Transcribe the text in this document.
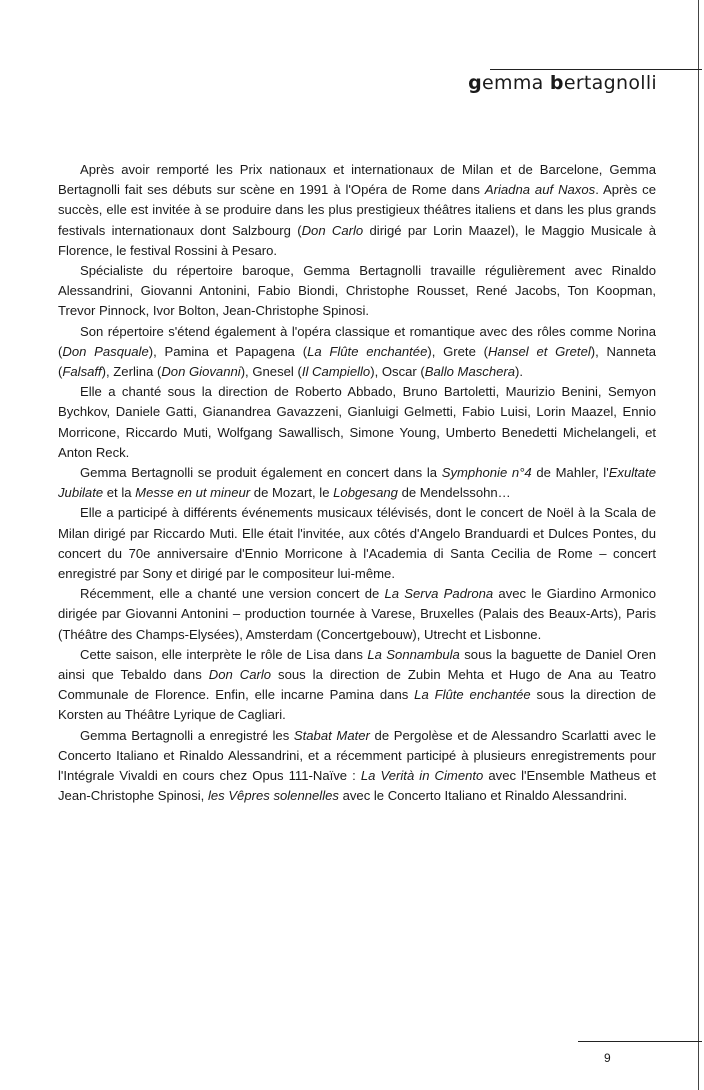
gemma bertagnolli

Après avoir remporté les Prix nationaux et internationaux de Milan et de Barcelone, Gemma Bertagnolli fait ses débuts sur scène en 1991 à l'Opéra de Rome dans Ariadna auf Naxos. Après ce succès, elle est invitée à se produire dans les plus prestigieux théâtres italiens et dans les plus grands festivals internationaux dont Salzbourg (Don Carlo dirigé par Lorin Maazel), le Maggio Musicale à Florence, le festival Rossini à Pesaro.

Spécialiste du répertoire baroque, Gemma Bertagnolli travaille régulièrement avec Rinaldo Alessandrini, Giovanni Antonini, Fabio Biondi, Christophe Rousset, René Jacobs, Ton Koopman, Trevor Pinnock, Ivor Bolton, Jean-Christophe Spinosi.

Son répertoire s'étend également à l'opéra classique et romantique avec des rôles comme Norina (Don Pasquale), Pamina et Papagena (La Flûte enchantée), Grete (Hansel et Gretel), Nanneta (Falsaff), Zerlina (Don Giovanni), Gnesel (Il Campiello), Oscar (Ballo Maschera).

Elle a chanté sous la direction de Roberto Abbado, Bruno Bartoletti, Maurizio Benini, Semyon Bychkov, Daniele Gatti, Gianandrea Gavazzeni, Gianluigi Gelmetti, Fabio Luisi, Lorin Maazel, Ennio Morricone, Riccardo Muti, Wolfgang Sawallisch, Simone Young, Umberto Benedetti Michelangeli, et Anton Reck.

Gemma Bertagnolli se produit également en concert dans la Symphonie n°4 de Mahler, l'Exultate Jubilate et la Messe en ut mineur de Mozart, le Lobgesang de Mendelssohn…

Elle a participé à différents événements musicaux télévisés, dont le concert de Noël à la Scala de Milan dirigé par Riccardo Muti. Elle était l'invitée, aux côtés d'Angelo Branduardi et Dulces Pontes, du concert du 70e anniversaire d'Ennio Morricone à l'Academia di Santa Cecilia de Rome – concert enregistré par Sony et dirigé par le compositeur lui-même.

Récemment, elle a chanté une version concert de La Serva Padrona avec le Giardino Armonico dirigée par Giovanni Antonini – production tournée à Varese, Bruxelles (Palais des Beaux-Arts), Paris (Théâtre des Champs-Elysées), Amsterdam (Concertgebouw), Utrecht et Lisbonne.

Cette saison, elle interprète le rôle de Lisa dans La Sonnambula sous la baguette de Daniel Oren ainsi que Tebaldo dans Don Carlo sous la direction de Zubin Mehta et Hugo de Ana au Teatro Communale de Florence. Enfin, elle incarne Pamina dans La Flûte enchantée sous la direction de Korsten au Théâtre Lyrique de Cagliari.

Gemma Bertagnolli a enregistré les Stabat Mater de Pergolèse et de Alessandro Scarlatti avec le Concerto Italiano et Rinaldo Alessandrini, et a récemment participé à plusieurs enregistrements pour l'Intégrale Vivaldi en cours chez Opus 111-Naïve : La Verità in Cimento avec l'Ensemble Matheus et Jean-Christophe Spinosi, les Vêpres solennelles avec le Concerto Italiano et Rinaldo Alessandrini.

9
